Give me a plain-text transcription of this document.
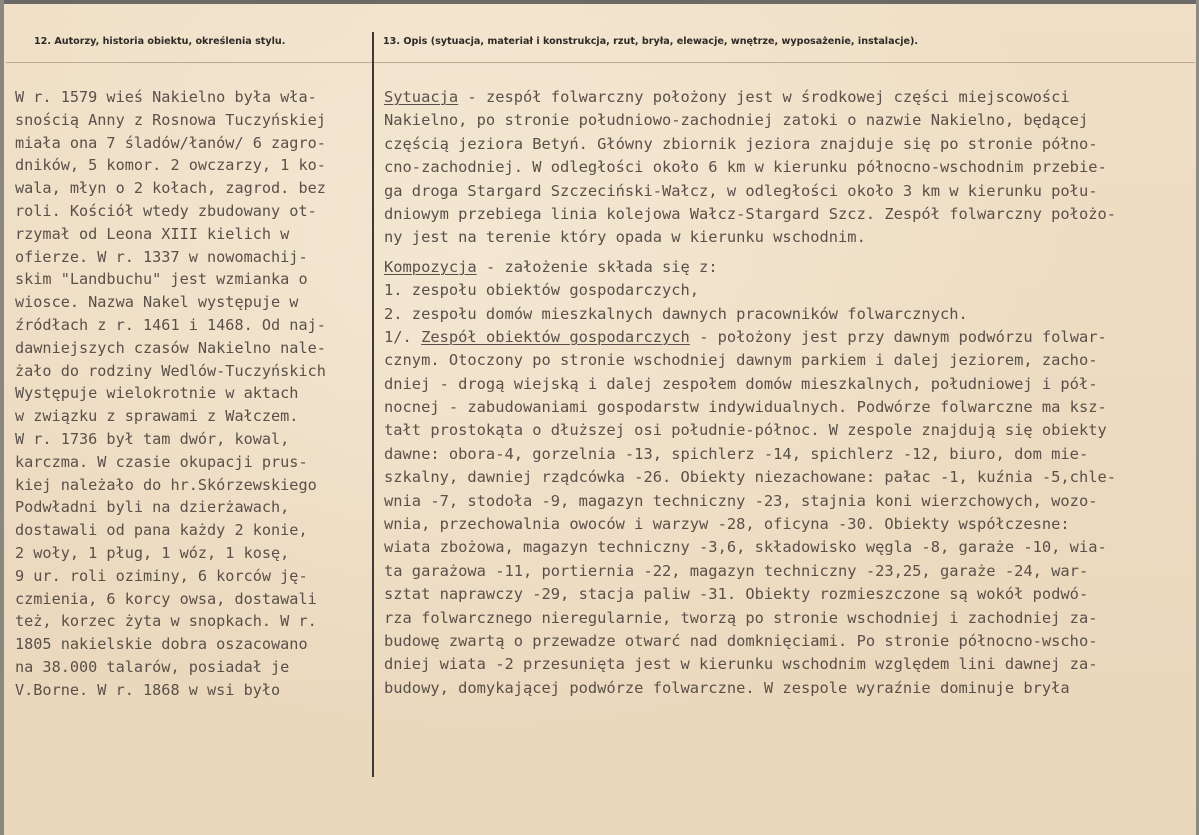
12. Autorzy, historia obiektu, określenia stylu.	13. Opis (sytuacja, materiał i konstrukcja, rzut, bryła, elewacje, wnętrze, wyposażenie, instalacje).
W r. 1579 wieś Nakielno była wła-
snością Anny z Rosnowa Tuczyńskiej
miała ona 7 śladów/łanów/ 6 zagro-
dników, 5 komor. 2 owczarzy, 1 ko-
wala, młyn o 2 kołach, zagrod. bez
roli. Kościół wtedy zbudowany ot-
rzymał od Leona XIII kielich w
ofierze. W r. 1337 w nowomachij-
skim "Landbuchu" jest wzmianka o
wiosce. Nazwa Nakel występuje w
źródłach z r. 1461 i 1468. Od naj-
dawniejszych czasów Nakielno nale-
żało do rodziny Wedlów-Tuczyńskich
Występuje wielokrotnie w aktach
w związku z sprawami z Wałczem.
W r. 1736 był tam dwór, kowal,
karczma. W czasie okupacji prus-
kiej należało do hr.Skórzewskiego
Podwładni byli na dzierżawach,
dostawali od pana każdy 2 konie,
2 woły, 1 pług, 1 wóz, 1 kosę,
9 ur. roli oziminy, 6 korców ję-
czmienia, 6 korcy owsa, dostawali
też, korzec żyta w snopkach. W r.
1805 nakielskie dobra oszacowano
na 38.000 talarów, posiadał je
V.Borne. W r. 1868 w wsi było
Sytuacja - zespół folwarczny położony jest w środkowej części miejscowości
Nakielno, po stronie południowo-zachodniej zatoki o nazwie Nakielno, będącej
częścią jeziora Betyń. Główny zbiornik jeziora znajduje się po stronie półno-
cno-zachodniej. W odległości około 6 km w kierunku północno-wschodnim przebie-
ga droga Stargard Szczeciński-Wałcz, w odległości około 3 km w kierunku połu-
dniowym przebiega linia kolejowa Wałcz-Stargard Szcz. Zespół folwarczny położo-
ny jest na terenie który opada w kierunku wschodnim.
Kompozycja - założenie składa się z:
1. zespołu obiektów gospodarczych,
2. zespołu domów mieszkalnych dawnych pracowników folwarcznych.
1/. Zespół obiektów gospodarczych - położony jest przy dawnym podwórzu folwar-
cznym. Otoczony po stronie wschodniej dawnym parkiem i dalej jeziorem, zacho-
dniej - drogą wiejską i dalej zespołem domów mieszkalnych, południowej i pół-
nocnej - zabudowaniami gospodarstw indywidualnych. Podwórze folwarczne ma ksz-
tałt prostokąta o dłuższej osi południe-północ. W zespole znajdują się obiekty
dawne: obora-4, gorzelnia -13, spichlerz -14, spichlerz -12, biuro, dom mie-
szkalny, dawniej rządcówka -26. Obiekty niezachowane: pałac -1, kuźnia -5,chle-
wnia -7, stodoła -9, magazyn techniczny -23, stajnia koni wierzchowych, wozo-
wnia, przechowalnia owoców i warzyw -28, oficyna -30. Obiekty współczesne:
wiata zbożowa, magazyn techniczny -3,6, składowisko węgla -8, garaże -10, wia-
ta garażowa -11, portiernia -22, magazyn techniczny -23,25, garaże -24, war-
sztat naprawczy -29, stacja paliw -31. Obiekty rozmieszczone są wokół podwó-
rza folwarcznego nieregularnie, tworzą po stronie wschodniej i zachodniej za-
budowę zwartą o przewadze otwarć nad domknięciami. Po stronie północno-wscho-
dniej wiata -2 przesunięta jest w kierunku wschodnim względem lini dawnej za-
budowy, domykającej podwórze folwarczne. W zespole wyraźnie dominuje bryła
